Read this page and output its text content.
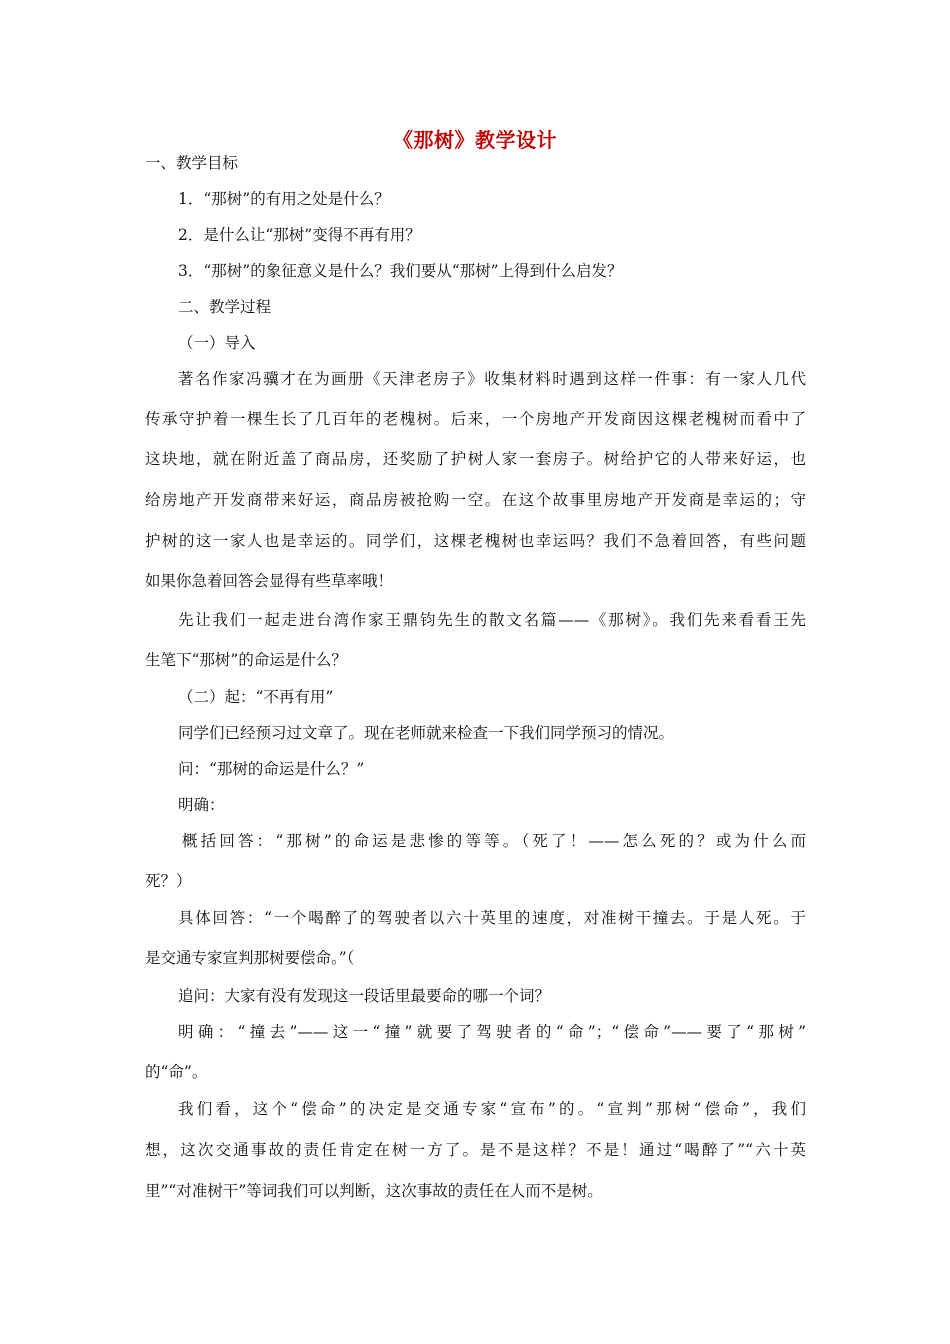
《那树》教学设计
一、教学目标
1．“那树”的有用之处是什么？
2．是什么让“那树”变得不再有用？
3．“那树”的象征意义是什么？我们要从“那树”上得到什么启发？
二、教学过程
（一）导入
著名作家冯骥才在为画册《天津老房子》收集材料时遇到这样一件事：有一家人几代
传承守护着一棵生长了几百年的老槐树。后来，一个房地产开发商因这棵老槐树而看中了
这块地，就在附近盖了商品房，还奖励了护树人家一套房子。树给护它的人带来好运，也
给房地产开发商带来好运，商品房被抢购一空。在这个故事里房地产开发商是幸运的；守
护树的这一家人也是幸运的。同学们，这棵老槐树也幸运吗？我们不急着回答，有些问题
如果你急着回答会显得有些草率哦！
先让我们一起走进台湾作家王鼎钧先生的散文名篇——《那树》。我们先来看看王先
生笔下“那树”的命运是什么？
（二）起：“不再有用”
同学们已经预习过文章了。现在老师就来检查一下我们同学预习的情况。
问：“那树的命运是什么？”
明确：
概括回答：“那树”的命运是悲惨的等等。（死了！——怎么死的？或为什么而
死？）
具体回答：“一个喝醉了的驾驶者以六十英里的速度，对准树干撞去。于是人死。于
是交通专家宣判那树要偿命。”（
追问：大家有没有发现这一段话里最要命的哪一个词？
明确：“撞去”——这一“撞”就要了驾驶者的“命”；“偿命”——要了“那树”
的“命”。
我们看，这个“偿命”的决定是交通专家“宣布”的。“宣判”那树“偿命”，我们
想，这次交通事故的责任肯定在树一方了。是不是这样？不是！通过“喝醉了”“六十英
里”“对准树干”等词我们可以判断，这次事故的责任在人而不是树。
